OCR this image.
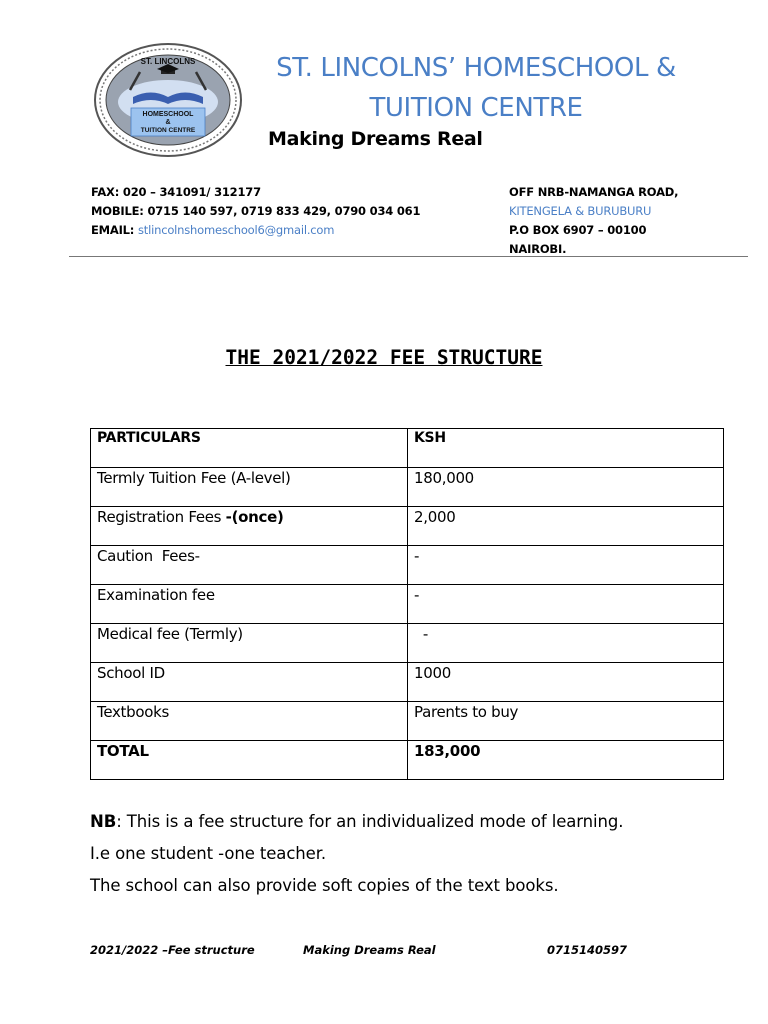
ST. LINCOLNS
HOMESCHOOL
&
TUITION CENTRE
ST. LINCOLNS’ HOMESCHOOL &
TUITION CENTRE
Making Dreams Real
FAX: 020 – 341091/ 312177
MOBILE: 0715 140 597, 0719 833 429, 0790 034 061
EMAIL: stlincolnshomeschool6@gmail.com
OFF NRB-NAMANGA ROAD,
KITENGELA & BURUBURU
P.O BOX 6907 – 00100
NAIROBI.
THE 2021/2022 FEE STRUCTURE
PARTICULARS	KSH
Termly Tuition Fee (A-level)	180,000
Registration Fees -(once)	2,000
Caution  Fees-	-
Examination fee	-
Medical fee (Termly)	-
School ID	1000
Textbooks	Parents to buy
TOTAL	183,000
NB: This is a fee structure for an individualized mode of learning.
I.e one student -one teacher.
The school can also provide soft copies of the text books.
2021/2022 –Fee structure	Making Dreams Real	0715140597
